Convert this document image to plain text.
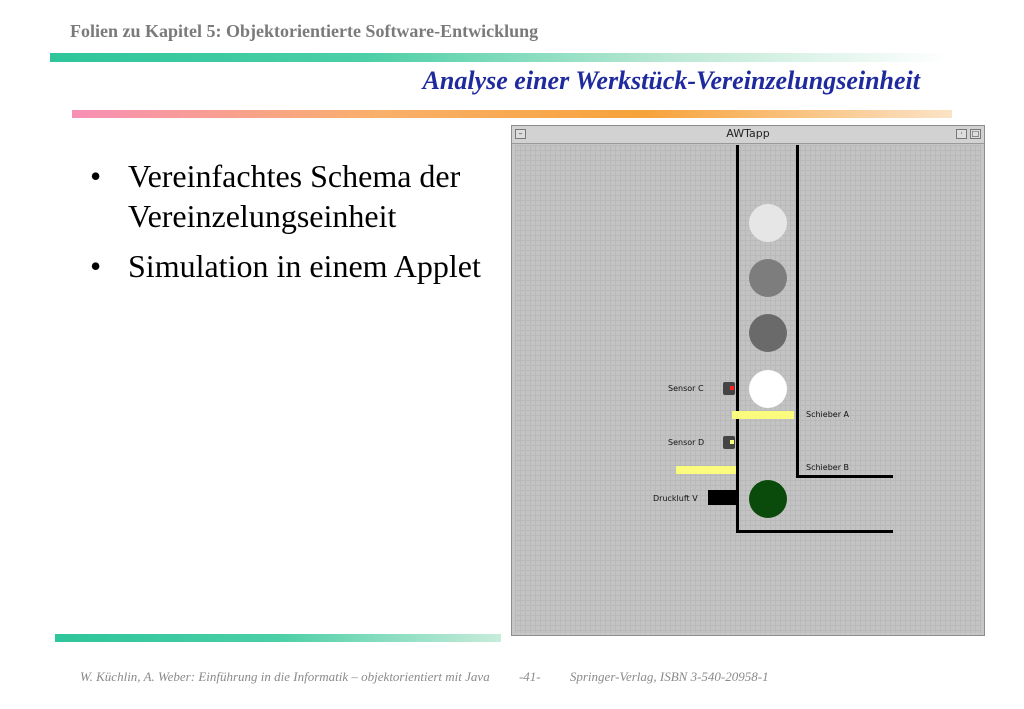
Folien zu Kapitel 5: Objektorientierte Software-Entwicklung
Analyse einer Werkstück-Vereinzelungseinheit
• Vereinfachtes Schema der Vereinzelungseinheit
• Simulation in einem Applet
–	AWTapp	·	□
Sensor C
Schieber A
Sensor D
Schieber B
Druckluft V
W. Küchlin, A. Weber: Einführung in die Informatik – objektorientiert mit Java -41- Springer-Verlag, ISBN 3-540-20958-1
